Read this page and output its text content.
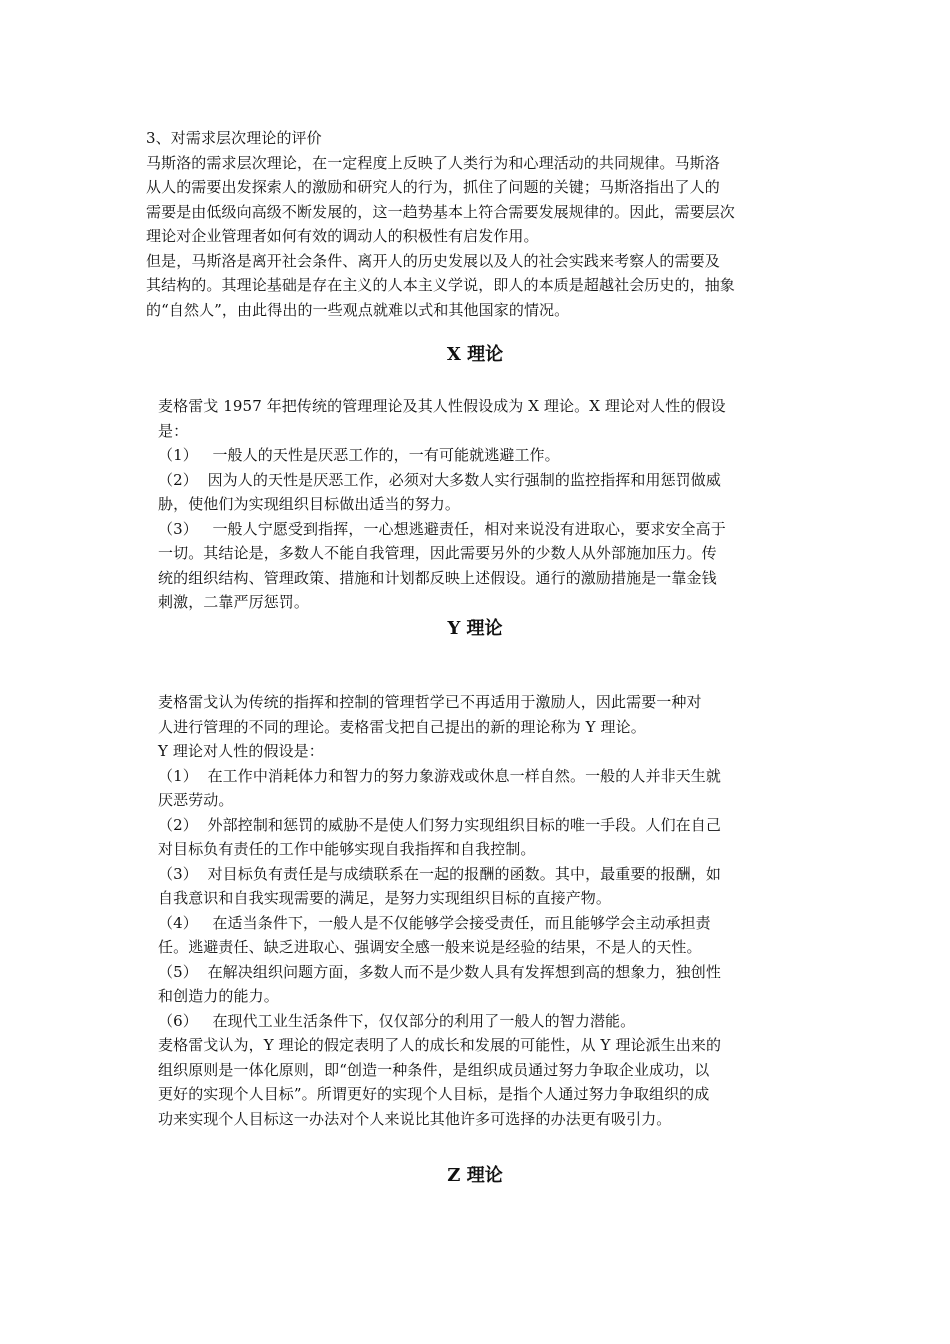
3、对需求层次理论的评价
马斯洛的需求层次理论，在一定程度上反映了人类行为和心理活动的共同规律。马斯洛
从人的需要出发探索人的激励和研究人的行为，抓住了问题的关键；马斯洛指出了人的
需要是由低级向高级不断发展的，这一趋势基本上符合需要发展规律的。因此，需要层次
理论对企业管理者如何有效的调动人的积极性有启发作用。
但是，马斯洛是离开社会条件、离开人的历史发展以及人的社会实践来考察人的需要及
其结构的。其理论基础是存在主义的人本主义学说，即人的本质是超越社会历史的，抽象
的“自然人”，由此得出的一些观点就难以式和其他国家的情况。
X 理论
麦格雷戈 1957 年把传统的管理理论及其人性假设成为 X 理论。X 理论对人性的假设
是：
（1）   一般人的天性是厌恶工作的，一有可能就逃避工作。
（2）  因为人的天性是厌恶工作，必须对大多数人实行强制的监控指挥和用惩罚做威
胁，使他们为实现组织目标做出适当的努力。
（3）   一般人宁愿受到指挥，一心想逃避责任，相对来说没有进取心，要求安全高于
一切。其结论是，多数人不能自我管理，因此需要另外的少数人从外部施加压力。传
统的组织结构、管理政策、措施和计划都反映上述假设。通行的激励措施是一靠金钱
刺激，二靠严厉惩罚。
Y 理论
麦格雷戈认为传统的指挥和控制的管理哲学已不再适用于激励人，因此需要一种对
人进行管理的不同的理论。麦格雷戈把自己提出的新的理论称为 Y 理论。
Y 理论对人性的假设是：
（1）  在工作中消耗体力和智力的努力象游戏或休息一样自然。一般的人并非天生就
厌恶劳动。
（2）  外部控制和惩罚的威胁不是使人们努力实现组织目标的唯一手段。人们在自己
对目标负有责任的工作中能够实现自我指挥和自我控制。
（3）  对目标负有责任是与成绩联系在一起的报酬的函数。其中，最重要的报酬，如
自我意识和自我实现需要的满足，是努力实现组织目标的直接产物。
（4）   在适当条件下，一般人是不仅能够学会接受责任，而且能够学会主动承担责
任。逃避责任、缺乏进取心、强调安全感一般来说是经验的结果，不是人的天性。
（5）  在解决组织问题方面，多数人而不是少数人具有发挥想到高的想象力，独创性
和创造力的能力。
（6）   在现代工业生活条件下，仅仅部分的利用了一般人的智力潜能。
麦格雷戈认为，Y 理论的假定表明了人的成长和发展的可能性，从 Y 理论派生出来的
组织原则是一体化原则，即“创造一种条件，是组织成员通过努力争取企业成功，以
更好的实现个人目标”。所谓更好的实现个人目标，是指个人通过努力争取组织的成
功来实现个人目标这一办法对个人来说比其他许多可选择的办法更有吸引力。
Z 理论
